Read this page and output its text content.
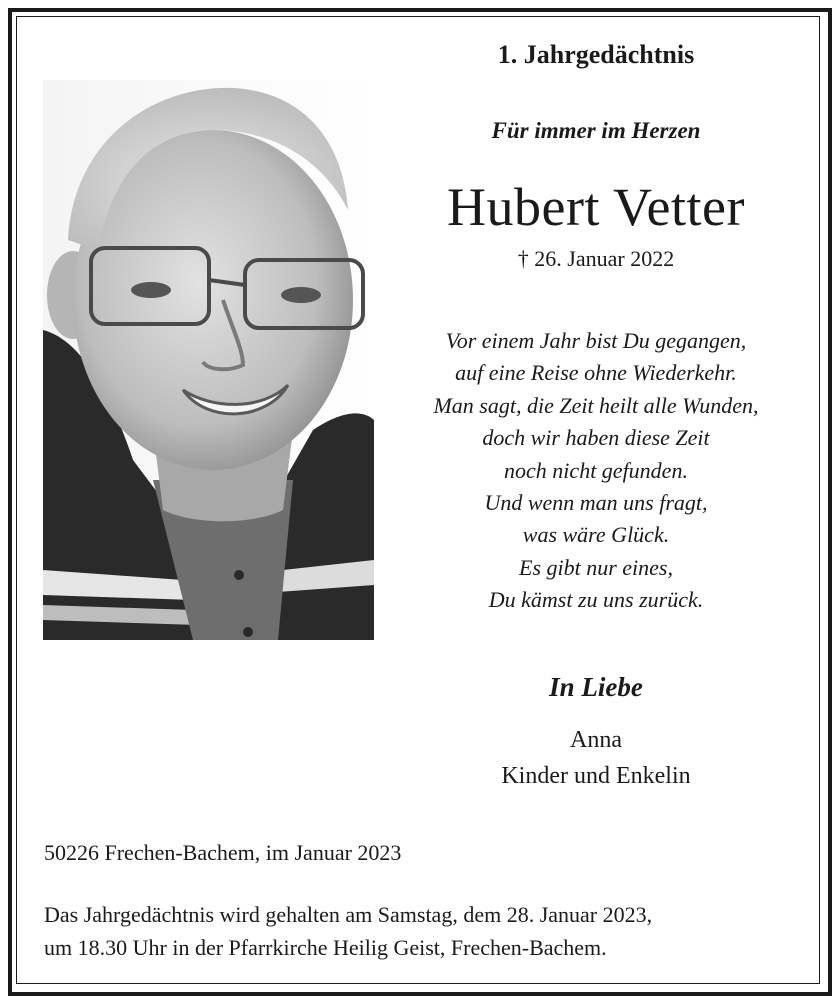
1. Jahrgedächtnis
Für immer im Herzen
Hubert Vetter
† 26. Januar 2022
Vor einem Jahr bist Du gegangen,
auf eine Reise ohne Wiederkehr.
Man sagt, die Zeit heilt alle Wunden,
doch wir haben diese Zeit
noch nicht gefunden.
Und wenn man uns fragt,
was wäre Glück.
Es gibt nur eines,
Du kämst zu uns zurück.
In Liebe
Anna
Kinder und Enkelin
50226 Frechen-Bachem, im Januar 2023
Das Jahrgedächtnis wird gehalten am Samstag, dem 28. Januar 2023,
um 18.30 Uhr in der Pfarrkirche Heilig Geist, Frechen-Bachem.
